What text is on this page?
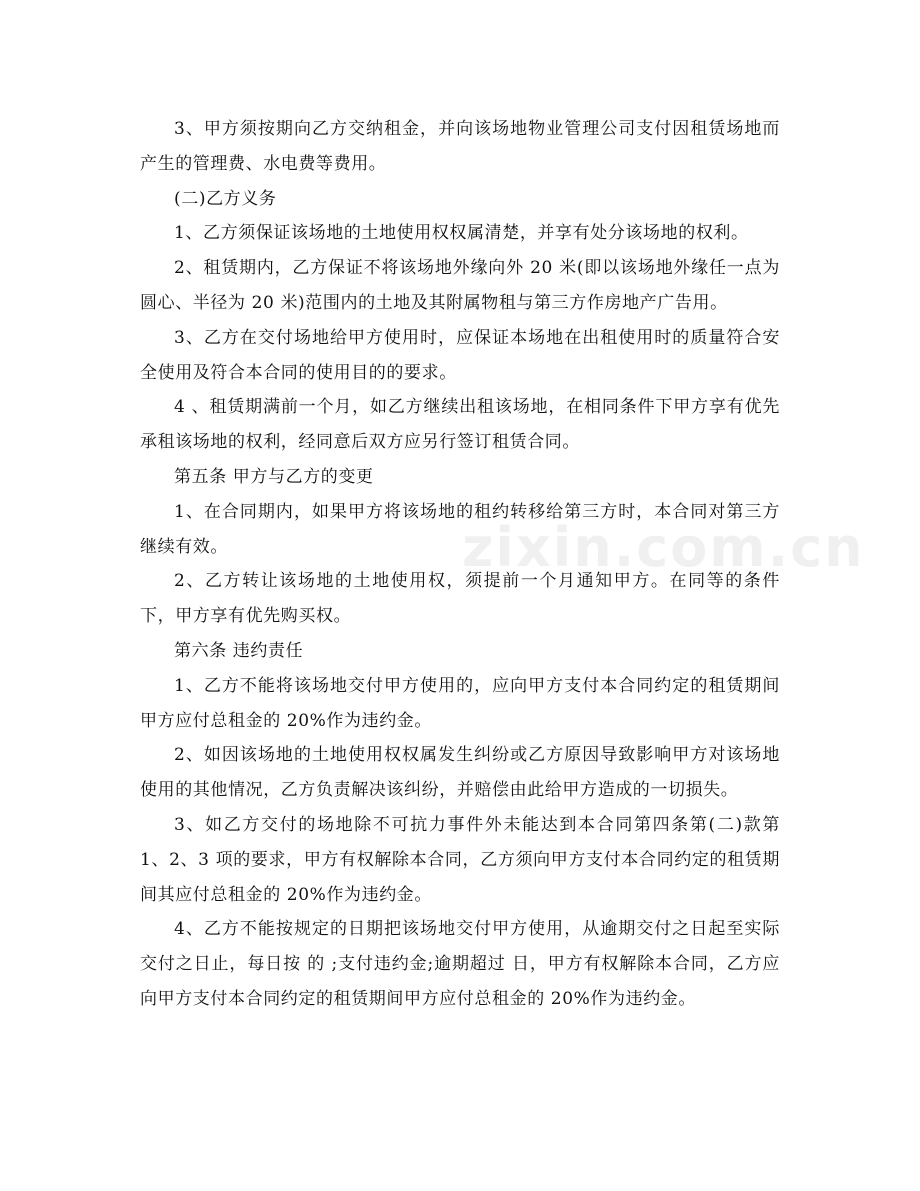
3、甲方须按期向乙方交纳租金，并向该场地物业管理公司支付因租赁场地而产生的管理费、水电费等费用。

(二)乙方义务

1、乙方须保证该场地的土地使用权权属清楚，并享有处分该场地的权利。

2、租赁期内，乙方保证不将该场地外缘向外 20 米(即以该场地外缘任一点为圆心、半径为 20 米)范围内的土地及其附属物租与第三方作房地产广告用。

3、乙方在交付场地给甲方使用时，应保证本场地在出租使用时的质量符合安全使用及符合本合同的使用目的的要求。

4 、租赁期满前一个月，如乙方继续出租该场地，在相同条件下甲方享有优先承租该场地的权利，经同意后双方应另行签订租赁合同。

第五条 甲方与乙方的变更

1、在合同期内，如果甲方将该场地的租约转移给第三方时，本合同对第三方继续有效。

2、乙方转让该场地的土地使用权，须提前一个月通知甲方。在同等的条件下，甲方享有优先购买权。

第六条 违约责任

1、乙方不能将该场地交付甲方使用的，应向甲方支付本合同约定的租赁期间甲方应付总租金的 20%作为违约金。

2、如因该场地的土地使用权权属发生纠纷或乙方原因导致影响甲方对该场地使用的其他情况，乙方负责解决该纠纷，并赔偿由此给甲方造成的一切损失。

3、如乙方交付的场地除不可抗力事件外未能达到本合同第四条第(二)款第 1、2、3 项的要求，甲方有权解除本合同，乙方须向甲方支付本合同约定的租赁期间其应付总租金的 20%作为违约金。

4、乙方不能按规定的日期把该场地交付甲方使用，从逾期交付之日起至实际交付之日止，每日按 的 ;支付违约金;逾期超过 日，甲方有权解除本合同，乙方应向甲方支付本合同约定的租赁期间甲方应付总租金的 20%作为违约金。

zixin.com.cn
